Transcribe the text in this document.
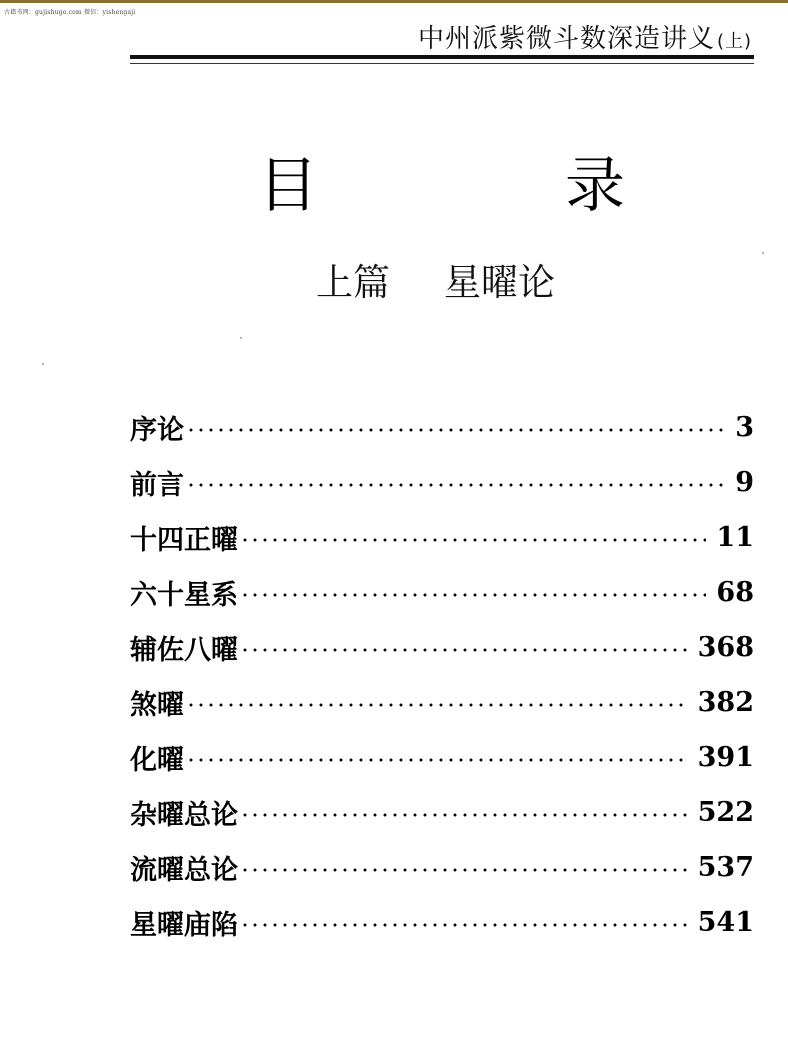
古籍书网：gujishuge.com 微信：yishengaji
中州派紫微斗数深造讲义 (上)
目	录
上篇 星曜论
序论	3
前言	9
十四正曜	11
六十星系	68
辅佐八曜	368
煞曜	382
化曜	391
杂曜总论	522
流曜总论	537
星曜庙陷	541
